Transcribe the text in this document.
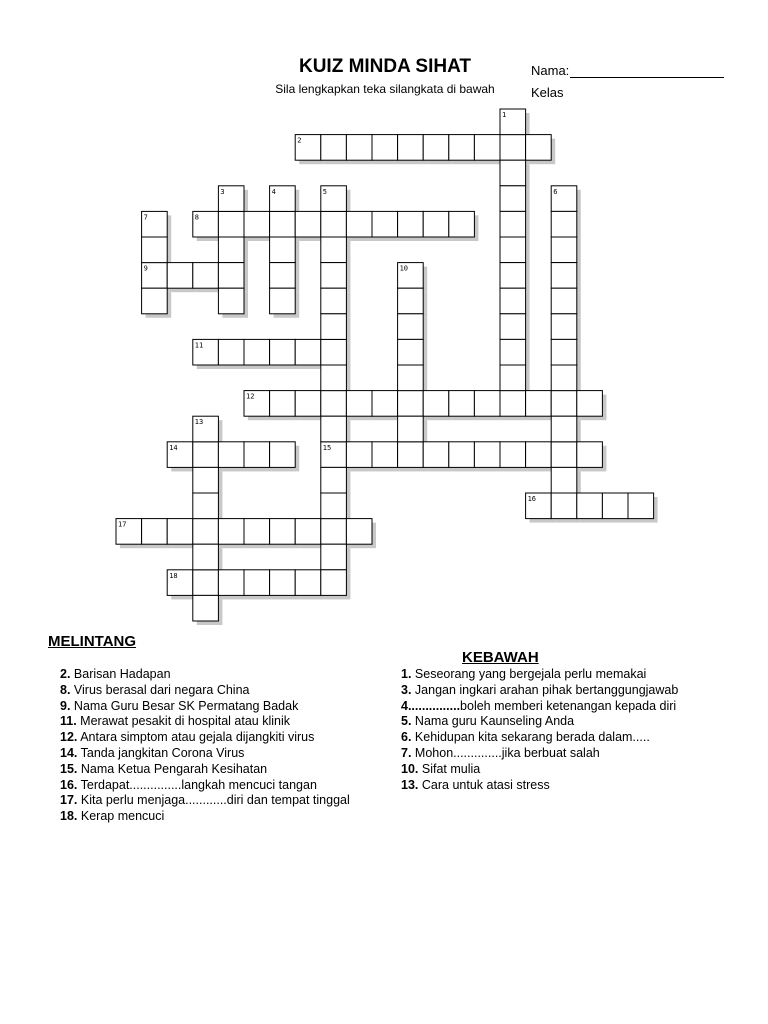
KUIZ MINDA SIHAT
Sila lengkapkan teka silangkata di bawah
Nama:
Kelas
1
2
3	4	5	6
7	8
9	10
11
12
13
14	15
16
17
18
MELINTANG
2. Barisan Hadapan
8. Virus berasal dari negara China
9. Nama Guru Besar SK Permatang Badak
11. Merawat pesakit di hospital atau klinik
12. Antara simptom atau gejala dijangkiti virus
14. Tanda jangkitan Corona Virus
15. Nama Ketua Pengarah Kesihatan
16. Terdapat...............langkah mencuci tangan
17. Kita perlu menjaga............diri dan tempat tinggal
18. Kerap mencuci
KEBAWAH
1. Seseorang yang bergejala perlu memakai
3. Jangan ingkari arahan pihak bertanggungjawab
4...............boleh memberi ketenangan kepada diri
5. Nama guru Kaunseling Anda
6. Kehidupan kita sekarang berada dalam.....
7. Mohon..............jika berbuat salah
10. Sifat mulia
13. Cara untuk atasi stress
